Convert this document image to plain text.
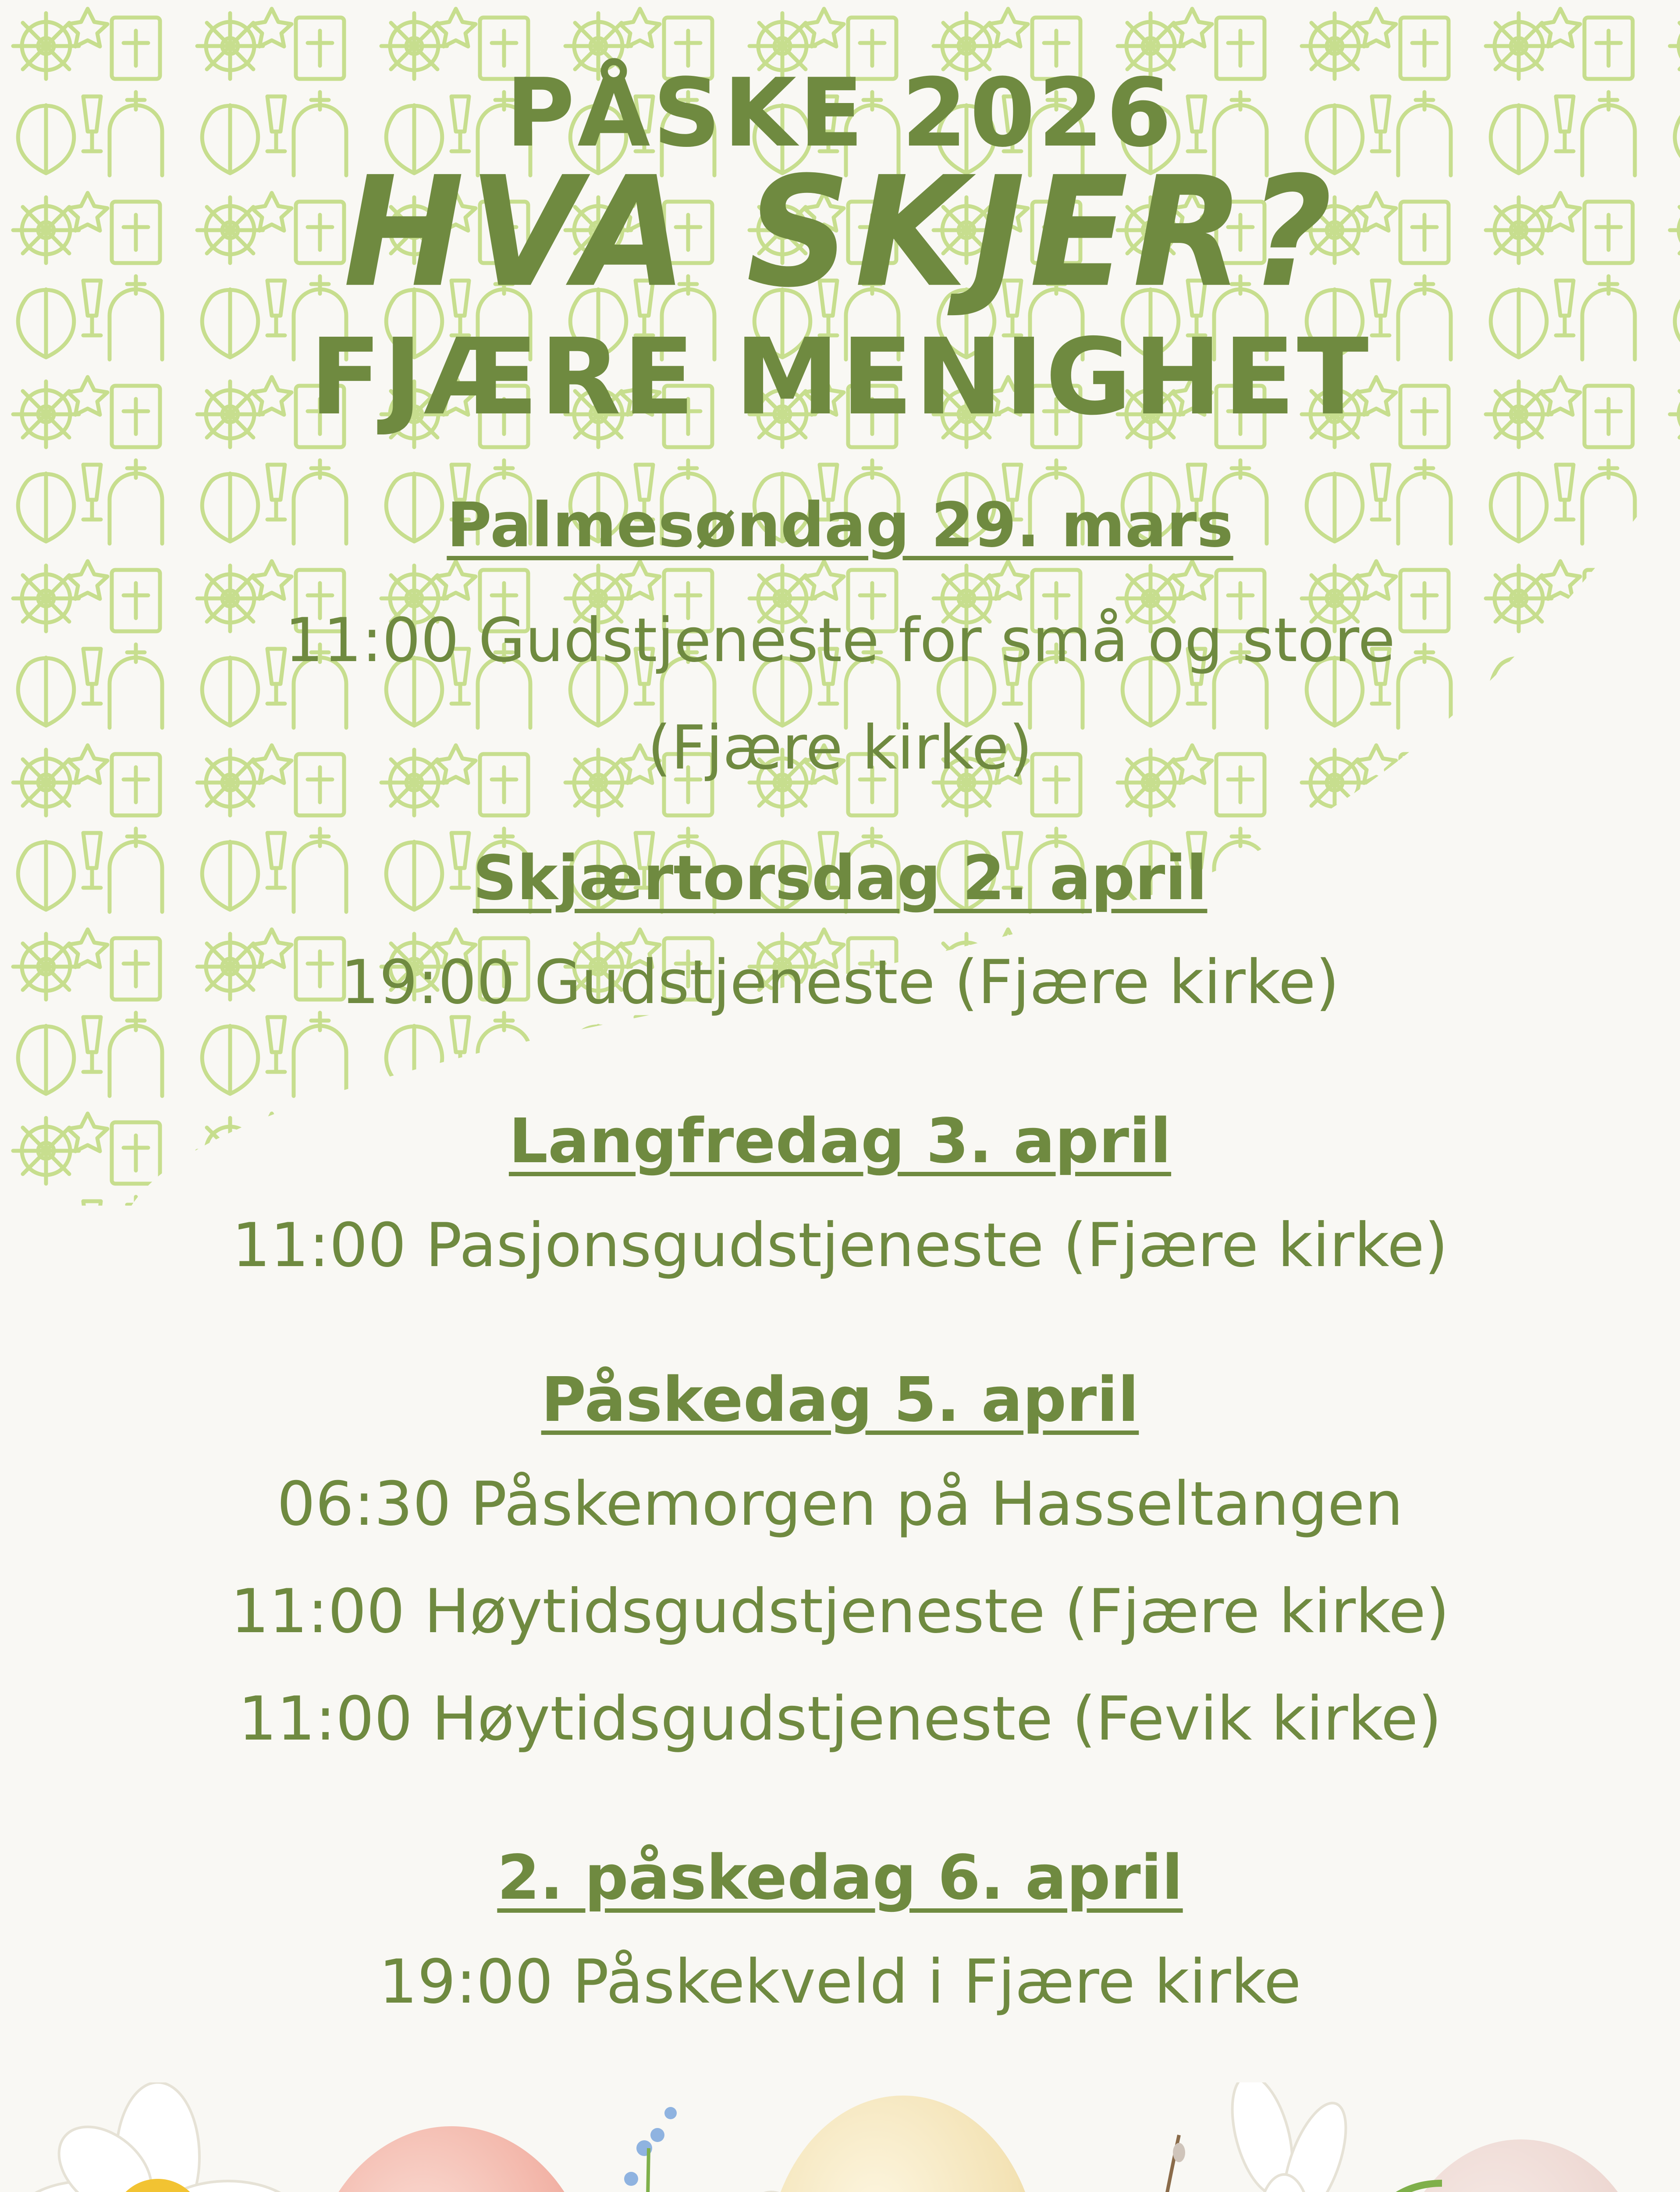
PÅSKE 2026
HVA SKJER?
FJÆRE MENIGHET
Palmesøndag 29. mars

11:00 Gudstjeneste for små og store

(Fjære kirke)

Skjærtorsdag 2. april

19:00 Gudstjeneste (Fjære kirke)

Langfredag 3. april

11:00 Pasjonsgudstjeneste (Fjære kirke)

Påskedag 5. april

06:30 Påskemorgen på Hasseltangen

11:00 Høytidsgudstjeneste (Fjære kirke)

11:00 Høytidsgudstjeneste (Fevik kirke)

2. påskedag 6. april

19:00 Påskekveld i Fjære kirke
